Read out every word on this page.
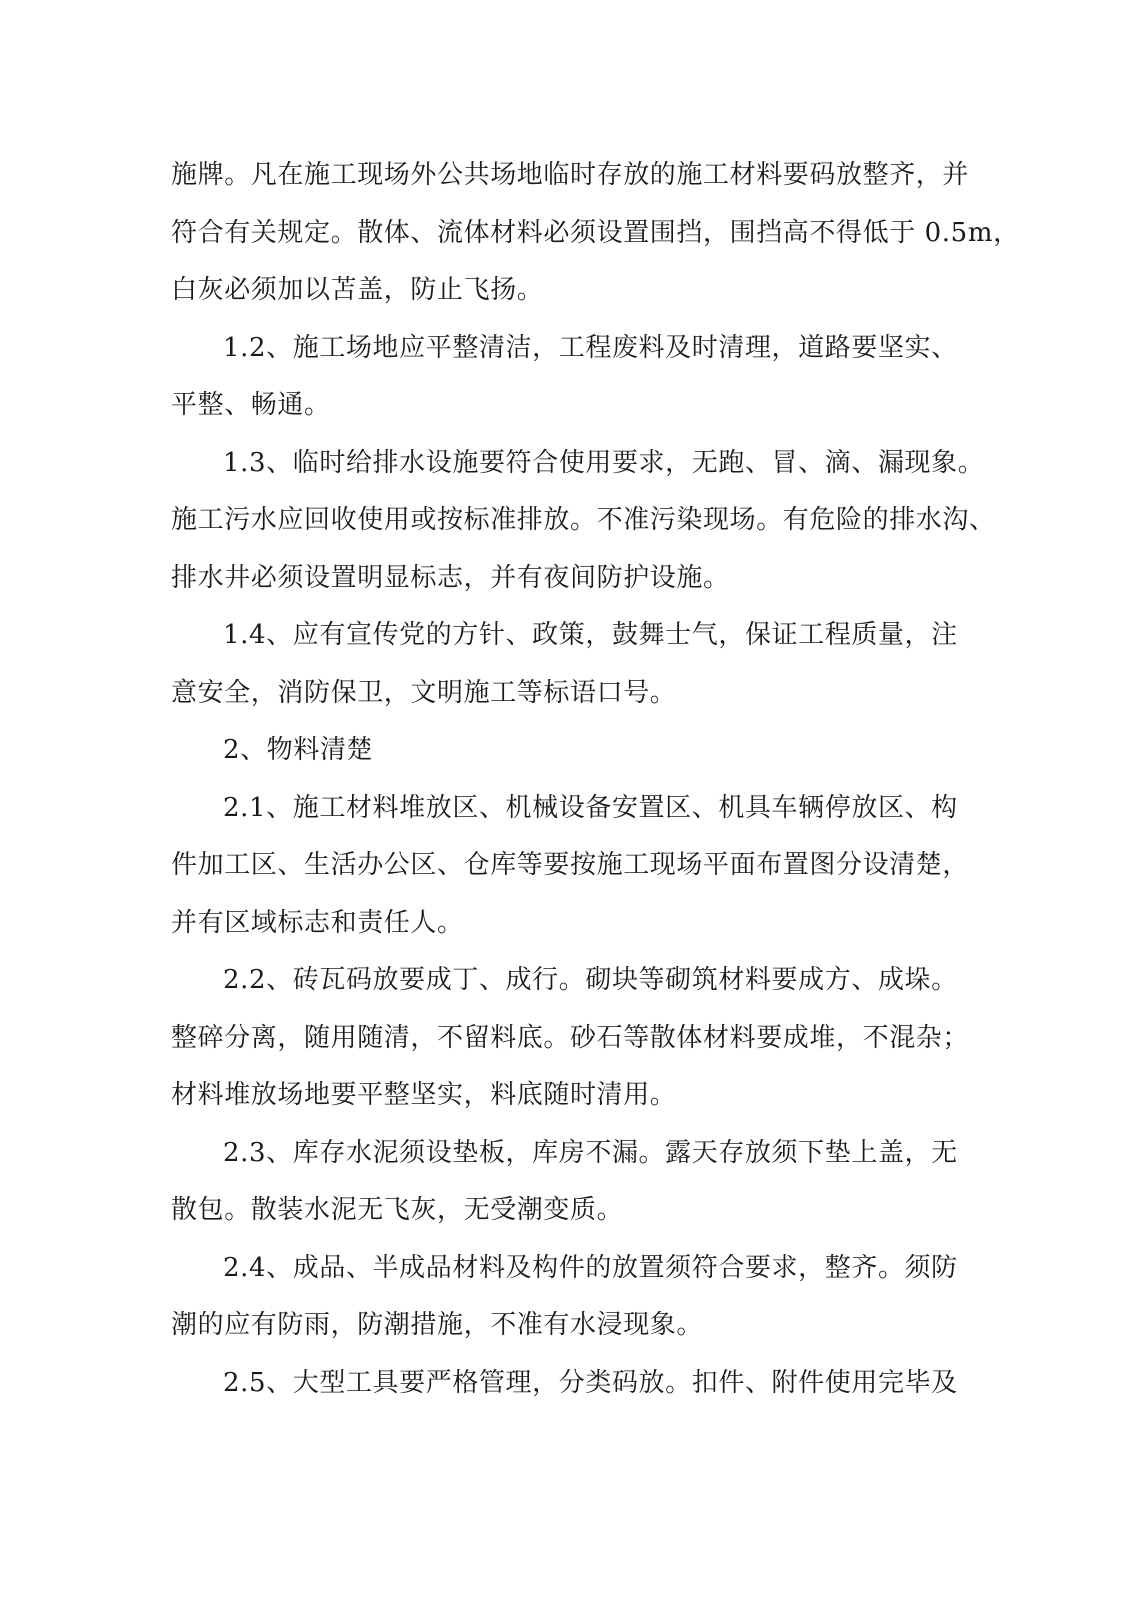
施牌。凡在施工现场外公共场地临时存放的施工材料要码放整齐，并
符合有关规定。散体、流体材料必须设置围挡，围挡高不得低于 0.5m，
白灰必须加以苫盖，防止飞扬。
1.2、施工场地应平整清洁，工程废料及时清理，道路要坚实、
平整、畅通。
1.3、临时给排水设施要符合使用要求，无跑、冒、滴、漏现象。
施工污水应回收使用或按标准排放。不准污染现场。有危险的排水沟、
排水井必须设置明显标志，并有夜间防护设施。
1.4、应有宣传党的方针、政策，鼓舞士气，保证工程质量，注
意安全，消防保卫，文明施工等标语口号。
2、物料清楚
2.1、施工材料堆放区、机械设备安置区、机具车辆停放区、构
件加工区、生活办公区、仓库等要按施工现场平面布置图分设清楚，
并有区域标志和责任人。
2.2、砖瓦码放要成丁、成行。砌块等砌筑材料要成方、成垛。
整碎分离，随用随清，不留料底。砂石等散体材料要成堆，不混杂；
材料堆放场地要平整坚实，料底随时清用。
2.3、库存水泥须设垫板，库房不漏。露天存放须下垫上盖，无
散包。散装水泥无飞灰，无受潮变质。
2.4、成品、半成品材料及构件的放置须符合要求，整齐。须防
潮的应有防雨，防潮措施，不准有水浸现象。
2.5、大型工具要严格管理，分类码放。扣件、附件使用完毕及
